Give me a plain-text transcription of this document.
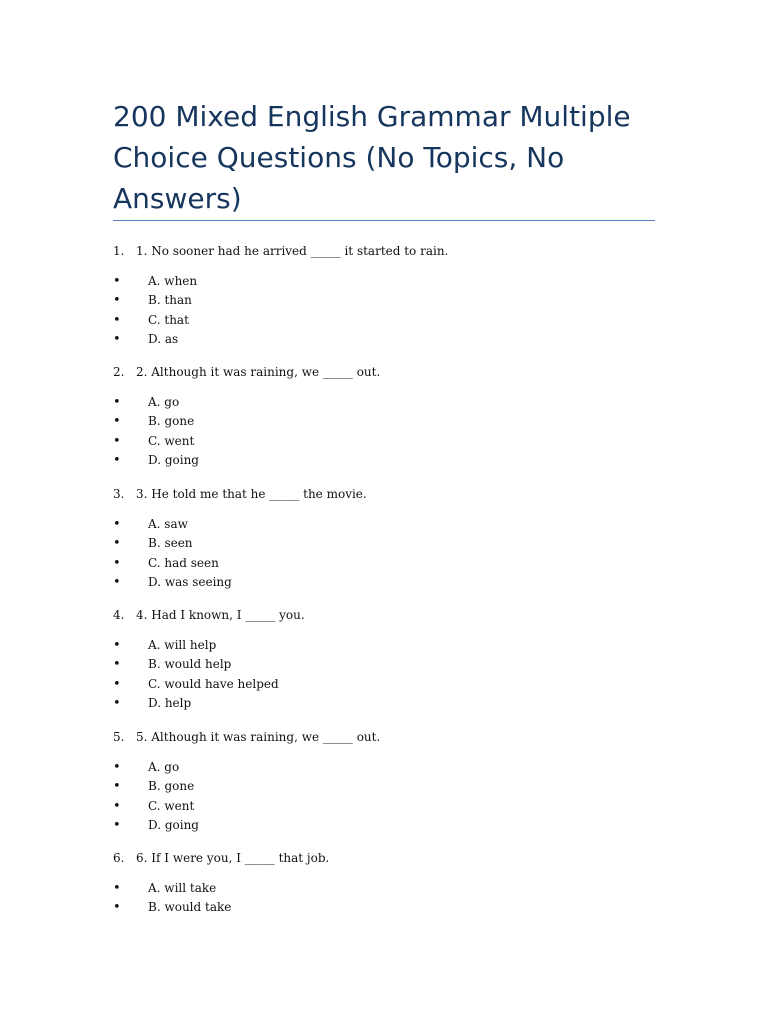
200 Mixed English Grammar Multiple Choice Questions (No Topics, No Answers)
1. 1. No sooner had he arrived _____ it started to rain.
•	A. when
•	B. than
•	C. that
•	D. as
2. 2. Although it was raining, we _____ out.
•	A. go
•	B. gone
•	C. went
•	D. going
3. 3. He told me that he _____ the movie.
•	A. saw
•	B. seen
•	C. had seen
•	D. was seeing
4. 4. Had I known, I _____ you.
•	A. will help
•	B. would help
•	C. would have helped
•	D. help
5. 5. Although it was raining, we _____ out.
•	A. go
•	B. gone
•	C. went
•	D. going
6. 6. If I were you, I _____ that job.
•	A. will take
•	B. would take
